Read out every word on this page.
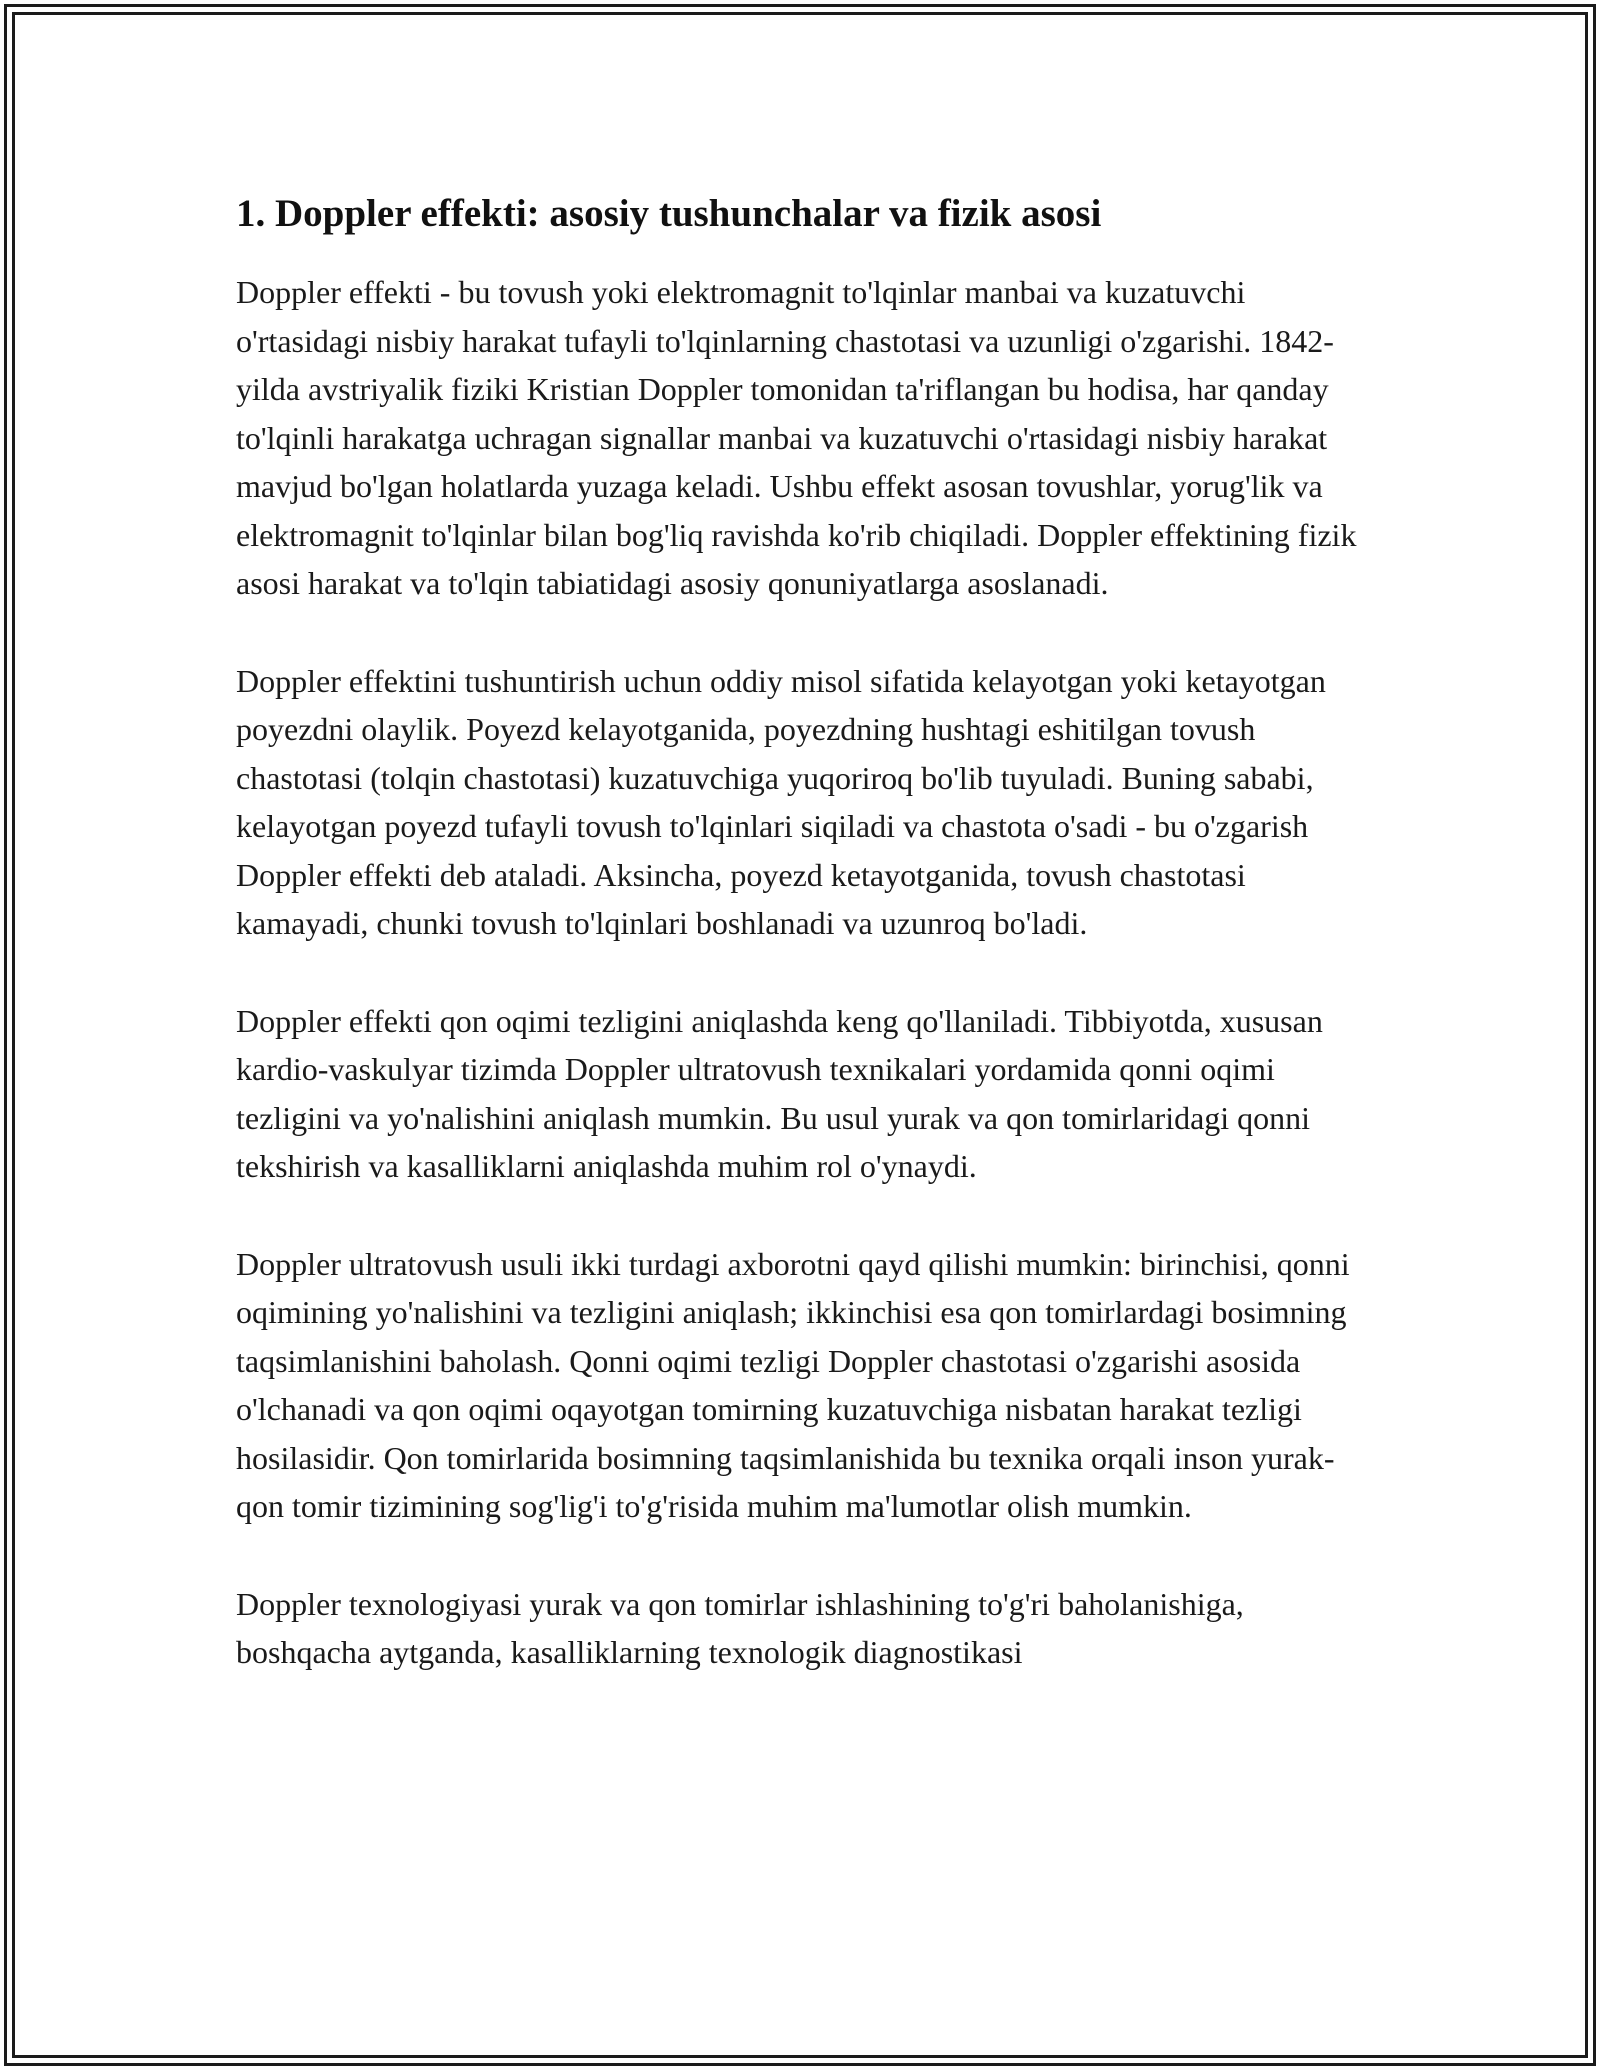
1. Doppler effekti: asosiy tushunchalar va fizik asosi

Doppler effekti - bu tovush yoki elektromagnit to'lqinlar manbai va kuzatuvchi o'rtasidagi nisbiy harakat tufayli to'lqinlarning chastotasi va uzunligi o'zgarishi. 1842-yilda avstriyalik fiziki Kristian Doppler tomonidan ta'riflangan bu hodisa, har qanday to'lqinli harakatga uchragan signallar manbai va kuzatuvchi o'rtasidagi nisbiy harakat mavjud bo'lgan holatlarda yuzaga keladi. Ushbu effekt asosan tovushlar, yorug'lik va elektromagnit to'lqinlar bilan bog'liq ravishda ko'rib chiqiladi. Doppler effektining fizik asosi harakat va to'lqin tabiatidagi asosiy qonuniyatlarga asoslanadi.

Doppler effektini tushuntirish uchun oddiy misol sifatida kelayotgan yoki ketayotgan poyezdni olaylik. Poyezd kelayotganida, poyezdning hushtagi eshitilgan tovush chastotasi (tolqin chastotasi) kuzatuvchiga yuqoriroq bo'lib tuyuladi. Buning sababi, kelayotgan poyezd tufayli tovush to'lqinlari siqiladi va chastota o'sadi - bu o'zgarish Doppler effekti deb ataladi. Aksincha, poyezd ketayotganida, tovush chastotasi kamayadi, chunki tovush to'lqinlari boshlanadi va uzunroq bo'ladi.

Doppler effekti qon oqimi tezligini aniqlashda keng qo'llaniladi. Tibbiyotda, xususan kardio-vaskulyar tizimda Doppler ultratovush texnikalari yordamida qonni oqimi tezligini va yo'nalishini aniqlash mumkin. Bu usul yurak va qon tomirlaridagi qonni tekshirish va kasalliklarni aniqlashda muhim rol o'ynaydi.

Doppler ultratovush usuli ikki turdagi axborotni qayd qilishi mumkin: birinchisi, qonni oqimining yo'nalishini va tezligini aniqlash; ikkinchisi esa qon tomirlardagi bosimning taqsimlanishini baholash. Qonni oqimi tezligi Doppler chastotasi o'zgarishi asosida o'lchanadi va qon oqimi oqayotgan tomirning kuzatuvchiga nisbatan harakat tezligi hosilasidir. Qon tomirlarida bosimning taqsimlanishida bu texnika orqali inson yurak-qon tomir tizimining sog'lig'i to'g'risida muhim ma'lumotlar olish mumkin.

Doppler texnologiyasi yurak va qon tomirlar ishlashining to'g'ri baholanishiga, boshqacha aytganda, kasalliklarning texnologik diagnostikasi
